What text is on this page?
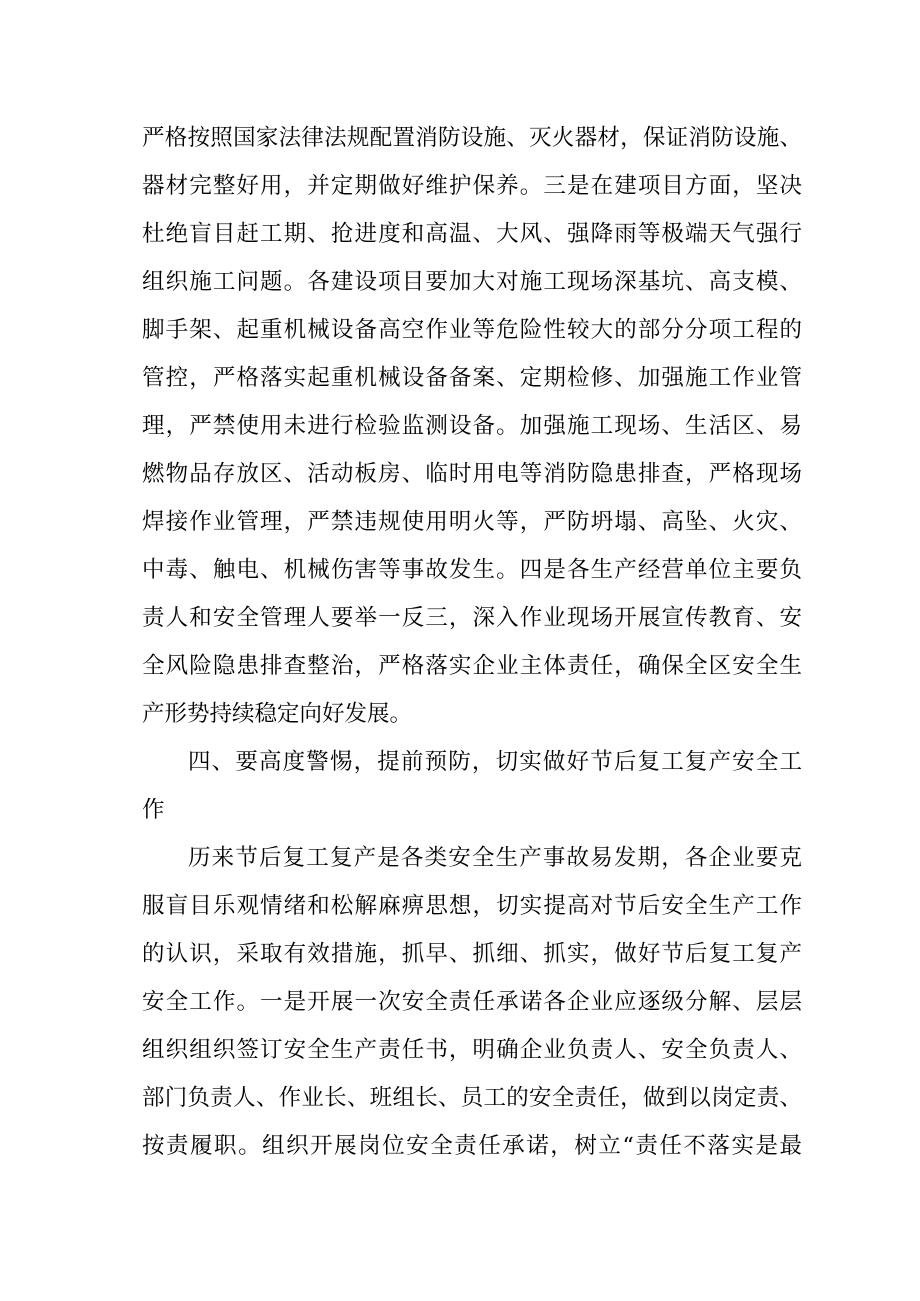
严格按照国家法律法规配置消防设施、灭火器材，保证消防设施、
器材完整好用，并定期做好维护保养。三是在建项目方面，坚决
杜绝盲目赶工期、抢进度和高温、大风、强降雨等极端天气强行
组织施工问题。各建设项目要加大对施工现场深基坑、高支模、
脚手架、起重机械设备高空作业等危险性较大的部分分项工程的
管控，严格落实起重机械设备备案、定期检修、加强施工作业管
理，严禁使用未进行检验监测设备。加强施工现场、生活区、易
燃物品存放区、活动板房、临时用电等消防隐患排查，严格现场
焊接作业管理，严禁违规使用明火等，严防坍塌、高坠、火灾、
中毒、触电、机械伤害等事故发生。四是各生产经营单位主要负
责人和安全管理人要举一反三，深入作业现场开展宣传教育、安
全风险隐患排查整治，严格落实企业主体责任，确保全区安全生
产形势持续稳定向好发展。
四、要高度警惕，提前预防，切实做好节后复工复产安全工
作
历来节后复工复产是各类安全生产事故易发期，各企业要克
服盲目乐观情绪和松解麻痹思想，切实提高对节后安全生产工作
的认识，采取有效措施，抓早、抓细、抓实，做好节后复工复产
安全工作。一是开展一次安全责任承诺各企业应逐级分解、层层
组织组织签订安全生产责任书，明确企业负责人、安全负责人、
部门负责人、作业长、班组长、员工的安全责任，做到以岗定责、
按责履职。组织开展岗位安全责任承诺，树立“责任不落实是最
